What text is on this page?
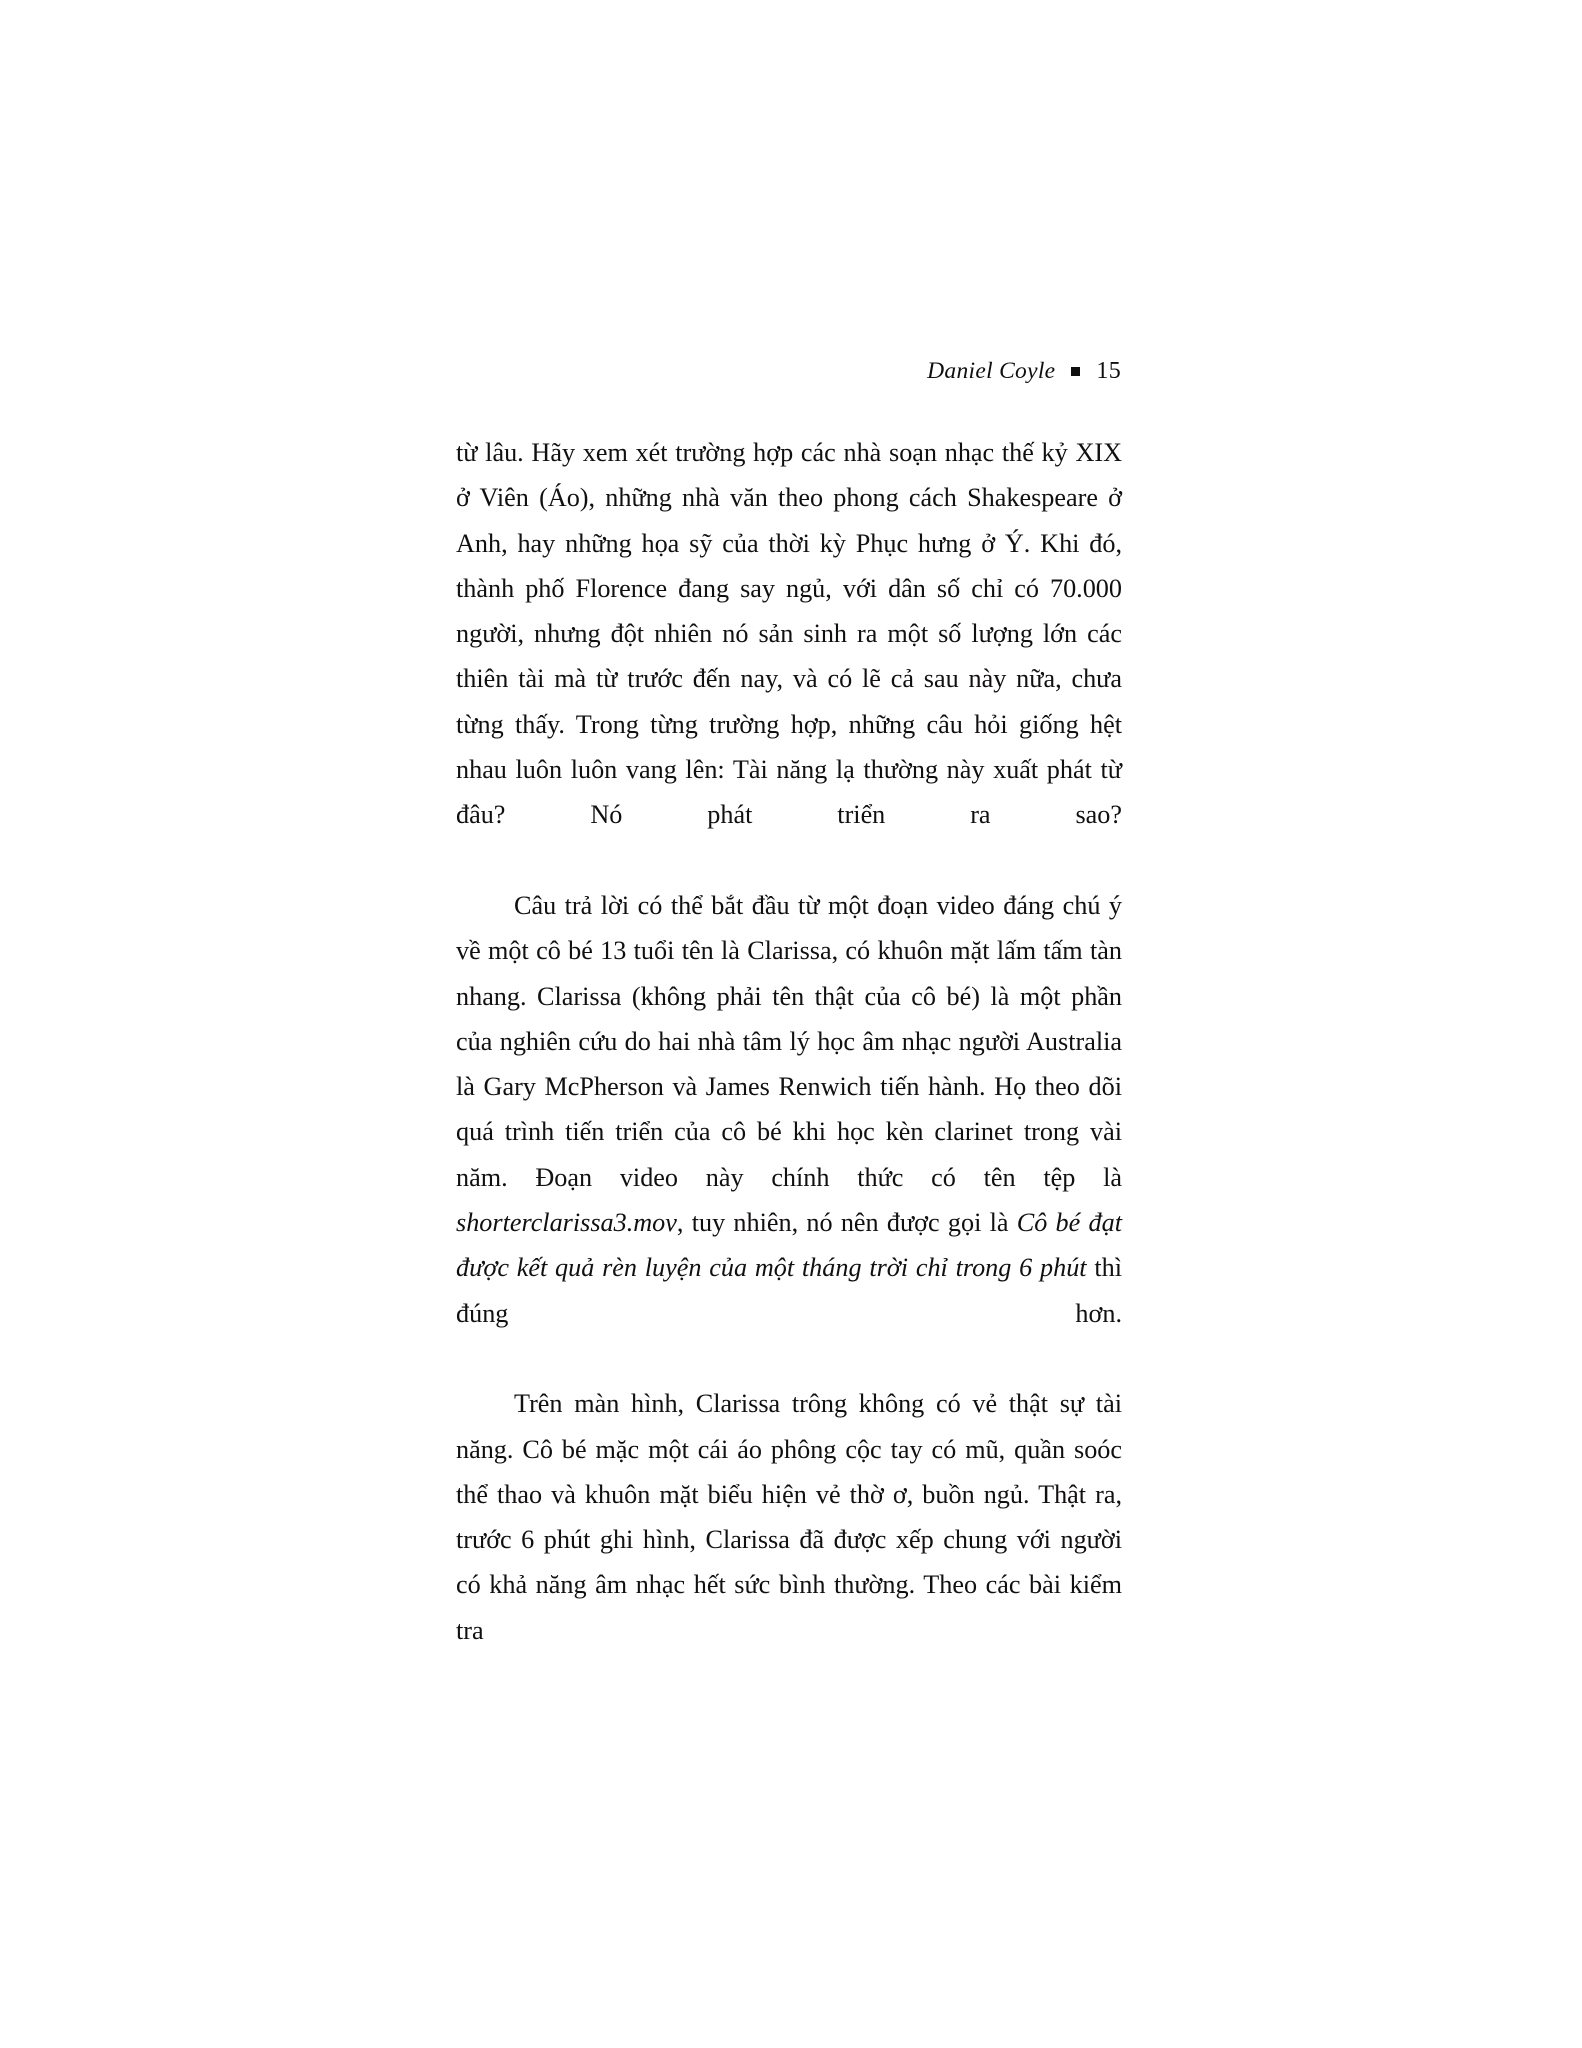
Daniel Coyle 15

từ lâu. Hãy xem xét trường hợp các nhà soạn nhạc thế kỷ XIX ở Viên (Áo), những nhà văn theo phong cách Shakespeare ở Anh, hay những họa sỹ của thời kỳ Phục hưng ở Ý. Khi đó, thành phố Florence đang say ngủ, với dân số chỉ có 70.000 người, nhưng đột nhiên nó sản sinh ra một số lượng lớn các thiên tài mà từ trước đến nay, và có lẽ cả sau này nữa, chưa từng thấy. Trong từng trường hợp, những câu hỏi giống hệt nhau luôn luôn vang lên: Tài năng lạ thường này xuất phát từ đâu? Nó phát triển ra sao?

Câu trả lời có thể bắt đầu từ một đoạn video đáng chú ý về một cô bé 13 tuổi tên là Clarissa, có khuôn mặt lấm tấm tàn nhang. Clarissa (không phải tên thật của cô bé) là một phần của nghiên cứu do hai nhà tâm lý học âm nhạc người Australia là Gary McPherson và James Renwich tiến hành. Họ theo dõi quá trình tiến triển của cô bé khi học kèn clarinet trong vài năm. Đoạn video này chính thức có tên tệp là shorterclarissa3.mov, tuy nhiên, nó nên được gọi là Cô bé đạt được kết quả rèn luyện của một tháng trời chỉ trong 6 phút thì đúng hơn.

Trên màn hình, Clarissa trông không có vẻ thật sự tài năng. Cô bé mặc một cái áo phông cộc tay có mũ, quần soóc thể thao và khuôn mặt biểu hiện vẻ thờ ơ, buồn ngủ. Thật ra, trước 6 phút ghi hình, Clarissa đã được xếp chung với người có khả năng âm nhạc hết sức bình thường. Theo các bài kiểm tra
